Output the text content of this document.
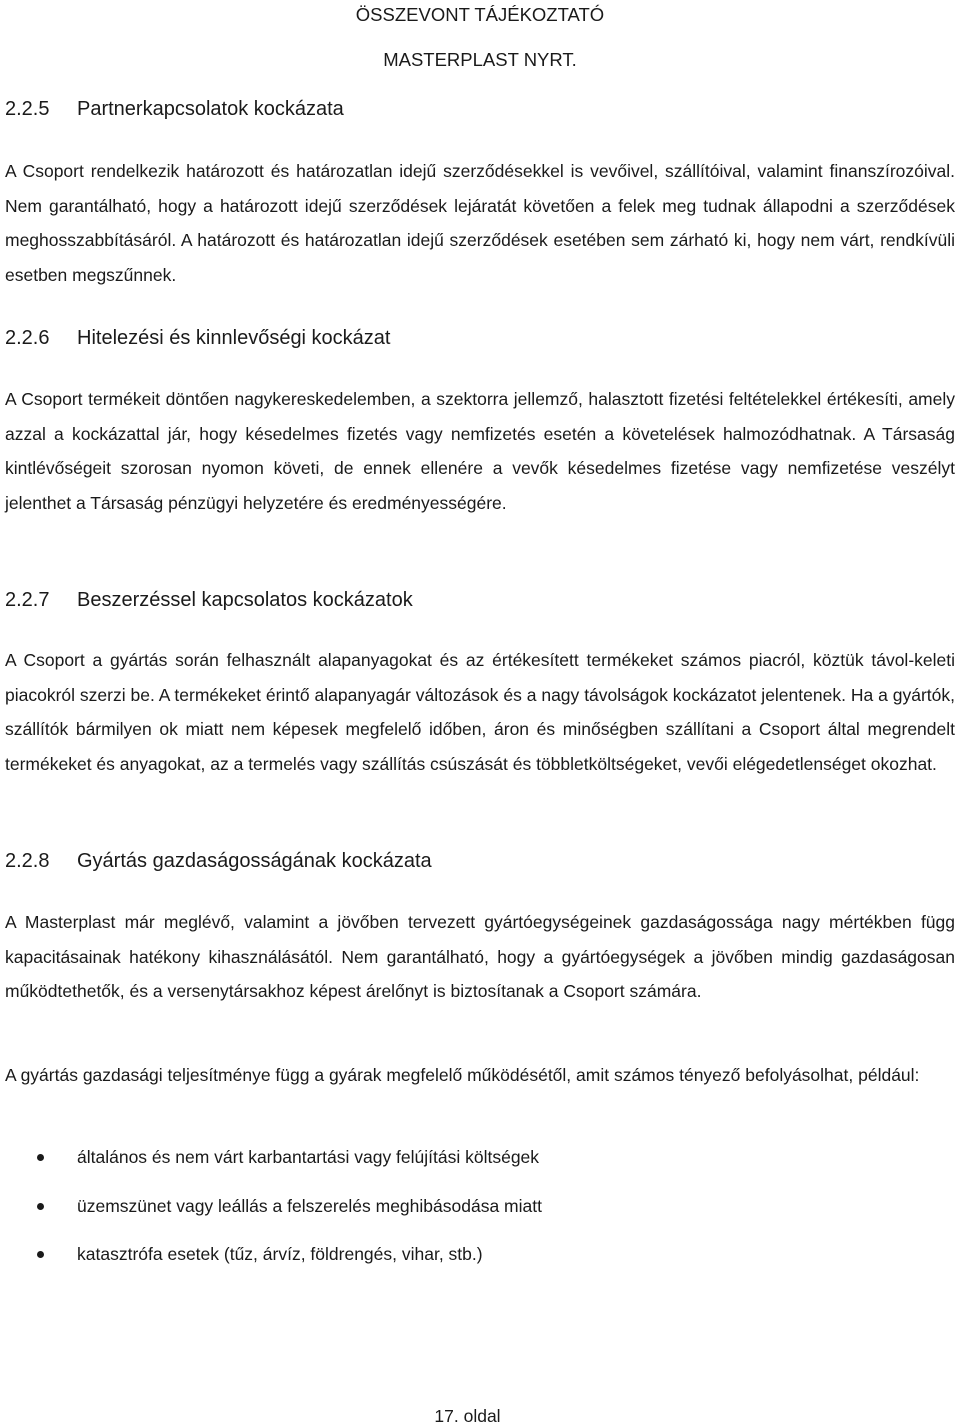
ÖSSZEVONT TÁJÉKOZTATÓ

MASTERPLAST NYRT.

2.2.5 Partnerkapcsolatok kockázata

A Csoport rendelkezik határozott és határozatlan idejű szerződésekkel is vevőivel, szállítóival, valamint finanszírozóival. Nem garantálható, hogy a határozott idejű szerződések lejáratát követően a felek meg tudnak állapodni a szerződések meghosszabbításáról. A határozott és határozatlan idejű szerződések esetében sem zárható ki, hogy nem várt, rendkívüli esetben megszűnnek.

2.2.6 Hitelezési és kinnlevőségi kockázat

A Csoport termékeit döntően nagykereskedelemben, a szektorra jellemző, halasztott fizetési feltételekkel értékesíti, amely azzal a kockázattal jár, hogy késedelmes fizetés vagy nemfizetés esetén a követelések halmozódhatnak. A Társaság kintlévőségeit szorosan nyomon követi, de ennek ellenére a vevők késedelmes fizetése vagy nemfizetése veszélyt jelenthet a Társaság pénzügyi helyzetére és eredményességére.

2.2.7 Beszerzéssel kapcsolatos kockázatok

A Csoport a gyártás során felhasznált alapanyagokat és az értékesített termékeket számos piacról, köztük távol-keleti piacokról szerzi be. A termékeket érintő alapanyagár változások és a nagy távolságok kockázatot jelentenek. Ha a gyártók, szállítók bármilyen ok miatt nem képesek megfelelő időben, áron és minőségben szállítani a Csoport által megrendelt termékeket és anyagokat, az a termelés vagy szállítás csúszását és többletköltségeket, vevői elégedetlenséget okozhat.

2.2.8 Gyártás gazdaságosságának kockázata

A Masterplast már meglévő, valamint a jövőben tervezett gyártóegységeinek gazdaságossága nagy mértékben függ kapacitásainak hatékony kihasználásától. Nem garantálható, hogy a gyártóegységek a jövőben mindig gazdaságosan működtethetők, és a versenytársakhoz képest árelőnyt is biztosítanak a Csoport számára.

A gyártás gazdasági teljesítménye függ a gyárak megfelelő működésétől, amit számos tényező befolyásolhat, például:

általános és nem várt karbantartási vagy felújítási költségek
üzemszünet vagy leállás a felszerelés meghibásodása miatt
katasztrófa esetek (tűz, árvíz, földrengés, vihar, stb.)

17. oldal
